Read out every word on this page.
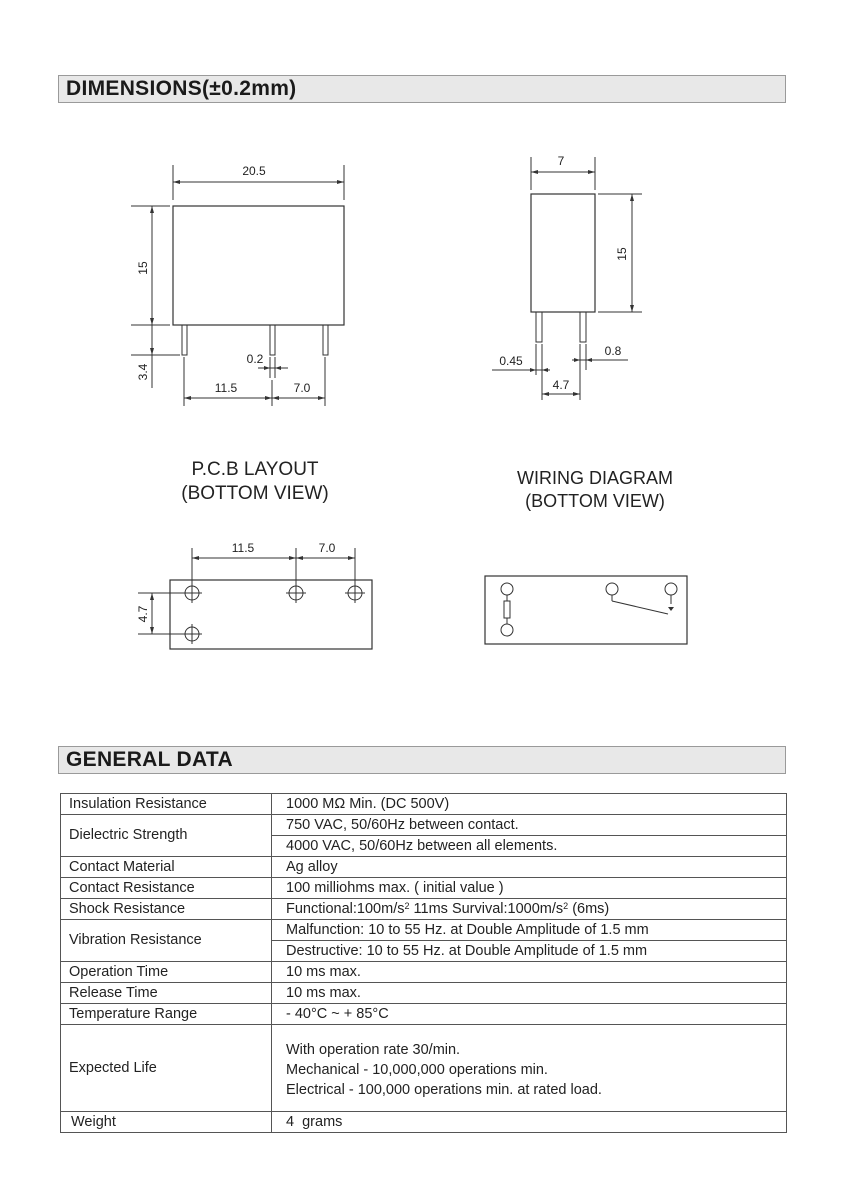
DIMENSIONS(±0.2mm)
20.5
15
3.4
0.2
11.5	7.0
7
15
0.45
0.8
4.7
P.C.B LAYOUT
(BOTTOM VIEW)
WIRING DIAGRAM
(BOTTOM VIEW)
11.5	7.0
4.7
GENERAL DATA
Insulation Resistance	1000 MΩ Min. (DC 500V)
Dielectric Strength	750 VAC, 50/60Hz between contact.
	4000 VAC, 50/60Hz between all elements.
Contact Material	Ag alloy
Contact Resistance	100 milliohms max. ( initial value )
Shock Resistance	$Functional:100m/s^2$ 11ms $Survival:1000m/s^2$ (6ms)
Vibration Resistance	Malfunction: 10 to 55 Hz. at Double Amplitude of 1.5 mm
	Destructive: 10 to 55 Hz. at Double Amplitude of 1.5 mm
Operation Time	10 ms max.
Release Time	10 ms max.
Temperature Range	- 40°C ~ + 85°C
Expected Life	With operation rate 30/min.
Mechanical - 10,000,000 operations min.
Electrical - 100,000 operations min. at rated load.

Weight	4  grams
